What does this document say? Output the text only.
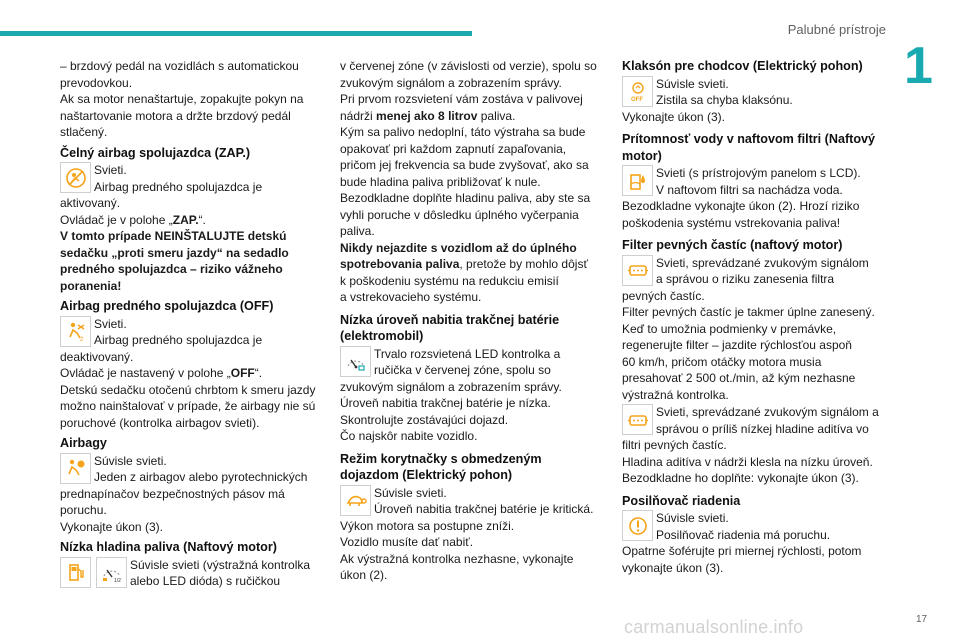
Palubné prístroje
1

– brzdový pedál na vozidlách s automatickou

prevodovkou.

Ak sa motor nenaštartuje, zopakujte pokyn na

naštartovanie motora a držte brzdový pedál

stlačený.

Čelný airbag spolujazdca (ZAP.)

Svieti.

Airbag predného spolujazdca je

aktivovaný.

Ovládač je v polohe „ZAP.“.

V tomto prípade NEINŠTALUJTE detskú

sedačku „proti smeru jazdy“ na sedadlo

predného spolujazdca – riziko vážneho

poranenia!

Airbag predného spolujazdca (OFF)
2

Svieti.

Airbag predného spolujazdca je

deaktivovaný.

Ovládač je nastavený v polohe „OFF“.

Detskú sedačku otočenú chrbtom k smeru jazdy

možno nainštalovať v prípade, že airbagy nie sú

poruchové (kontrolka airbagov svieti).

Airbagy

Súvisle svieti.

Jeden z airbagov alebo pyrotechnických

prednapínačov bezpečnostných pásov má

poruchu.

Vykonajte úkon (3).

Nízka hladina paliva (Naftový motor)
1/2

Súvisle svieti (výstražná kontrolka

alebo LED dióda) s ručičkou

v červenej zóne (v závislosti od verzie), spolu so

zvukovým signálom a zobrazením správy.

Pri prvom rozsvietení vám zostáva v palivovej

nádrži menej ako 8 litrov paliva.

Kým sa palivo nedoplní, táto výstraha sa bude

opakovať pri každom zapnutí zapaľovania,

pričom jej frekvencia sa bude zvyšovať, ako sa

bude hladina paliva približovať k nule.

Bezodkladne doplňte hladinu paliva, aby ste sa

vyhli poruche v dôsledku úplného vyčerpania

paliva.

Nikdy nejazdite s vozidlom až do úplného

spotrebovania paliva, pretože by mohlo dôjsť

k poškodeniu systému na redukciu emisií

a vstrekovacieho systému.

Nízka úroveň nabitia trakčnej batérie
(elektromobil)

Trvalo rozsvietená LED kontrolka a

ručička v červenej zóne, spolu so

zvukovým signálom a zobrazením správy.

Úroveň nabitia trakčnej batérie je nízka.

Skontrolujte zostávajúci dojazd.

Čo najskôr nabite vozidlo.

Režim korytnačky s obmedzeným
dojazdom (Elektrický pohon)

Súvisle svieti.

Úroveň nabitia trakčnej batérie je kritická.

Výkon motora sa postupne zníži.

Vozidlo musíte dať nabiť.

Ak výstražná kontrolka nezhasne, vykonajte

úkon (2).

Klaksón pre chodcov (Elektrický pohon)
OFF

Súvisle svieti.

Zistila sa chyba klaksónu.

Vykonajte úkon (3).

Prítomnosť vody v naftovom filtri (Naftový
motor)

Svieti (s prístrojovým panelom s LCD).

V naftovom filtri sa nachádza voda.

Bezodkladne vykonajte úkon (2). Hrozí riziko

poškodenia systému vstrekovania paliva!

Filter pevných častíc (naftový motor)

Svieti, sprevádzané zvukovým signálom

a správou o riziku zanesenia filtra

pevných častíc.

Filter pevných častíc je takmer úplne zanesený.

Keď to umožnia podmienky v premávke,

regenerujte filter – jazdite rýchlosťou aspoň

60 km/h, pričom otáčky motora musia

presahovať 2 500 ot./min, až kým nezhasne

výstražná kontrolka.

Svieti, sprevádzané zvukovým signálom a

správou o príliš nízkej hladine aditíva vo

filtri pevných častíc.

Hladina aditíva v nádrži klesla na nízku úroveň.

Bezodkladne ho doplňte: vykonajte úkon (3).

Posilňovač riadenia

Súvisle svieti.

Posilňovač riadenia má poruchu.

Opatrne šoférujte pri miernej rýchlosti, potom

vykonajte úkon (3).

carmanualsonline.info	17
